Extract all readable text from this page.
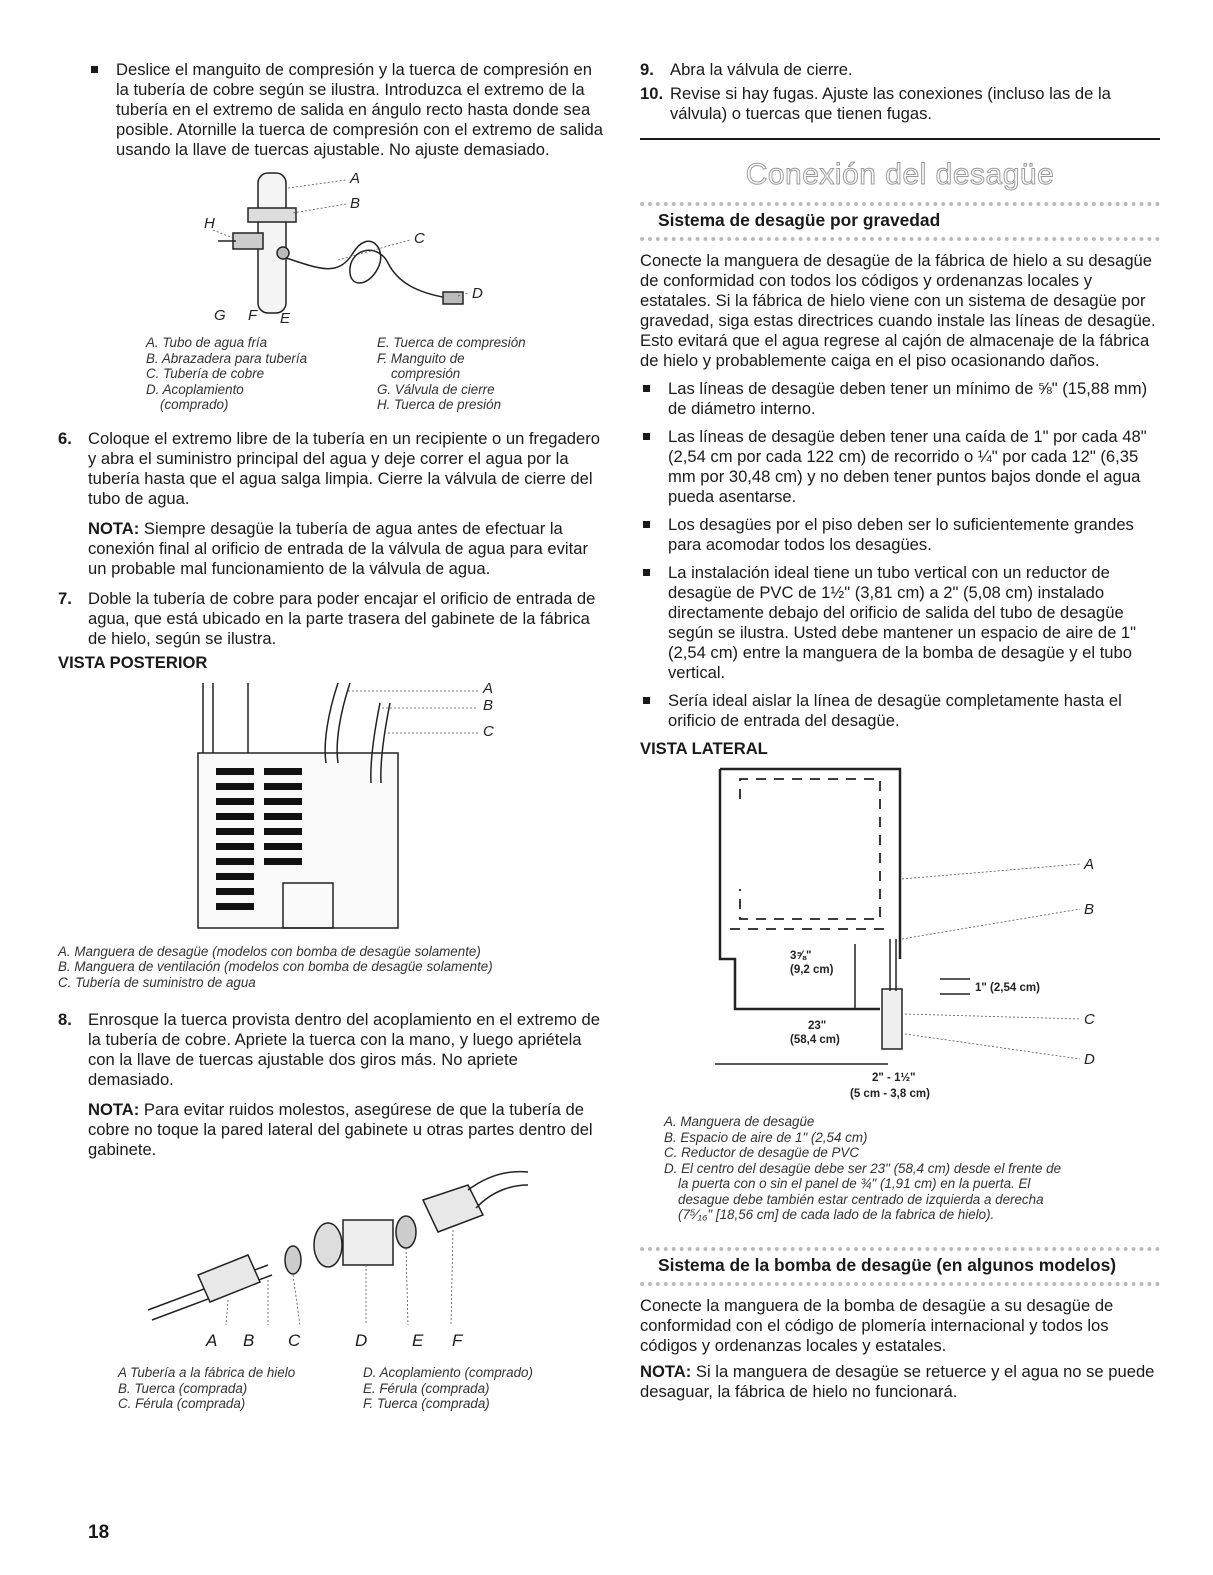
Deslice el manguito de compresión y la tuerca de compresión en la tubería de cobre según se ilustra. Introduzca el extremo de la tubería en el extremo de salida en ángulo recto hasta donde sea posible. Atornille la tuerca de compresión con el extremo de salida usando la llave de tuercas ajustable. No ajuste demasiado.

A
B
C
D
E
F
G
H
A. Tubo de agua fría
B. Abrazadera para tubería
C. Tubería de cobre
D. Acoplamiento
(comprado)
E. Tuerca de compresión
F. Manguito de
compresión
G. Válvula de cierre
H. Tuerca de presión

6. Coloque el extremo libre de la tubería en un recipiente o un fregadero y abra el suministro principal del agua y deje correr el agua por la tubería hasta que el agua salga limpia. Cierre la válvula de cierre del tubo de agua.

NOTA: Siempre desagüe la tubería de agua antes de efectuar la conexión final al orificio de entrada de la válvula de agua para evitar un probable mal funcionamiento de la válvula de agua.

7. Doble la tubería de cobre para poder encajar el orificio de entrada de agua, que está ubicado en la parte trasera del gabinete de la fábrica de hielo, según se ilustra.

VISTA POSTERIOR

A
B
C
A. Manguera de desagüe (modelos con bomba de desagüe solamente)
B. Manguera de ventilación (modelos con bomba de desagüe solamente)
C. Tubería de suministro de agua

8. Enrosque la tuerca provista dentro del acoplamiento en el extremo de la tubería de cobre. Apriete la tuerca con la mano, y luego apriétela con la llave de tuercas ajustable dos giros más. No apriete demasiado.

NOTA: Para evitar ruidos molestos, asegúrese de que la tubería de cobre no toque la pared lateral del gabinete u otras partes dentro del gabinete.

A	B	C	D	E	F
A Tubería a la fábrica de hielo
B. Tuerca (comprada)
C. Férula (comprada)
D. Acoplamiento (comprado)
E. Férula (comprada)
F. Tuerca (comprada)

9. Abra la válvula de cierre.

10. Revise si hay fugas. Ajuste las conexiones (incluso las de la válvula) o tuercas que tienen fugas.

Conexión del desagüe
Sistema de desagüe por gravedad

Conecte la manguera de desagüe de la fábrica de hielo a su desagüe de conformidad con todos los códigos y ordenanzas locales y estatales. Si la fábrica de hielo viene con un sistema de desagüe por gravedad, siga estas directrices cuando instale las líneas de desagüe. Esto evitará que el agua regrese al cajón de almacenaje de la fábrica de hielo y probablemente caiga en el piso ocasionando daños.

Las líneas de desagüe deben tener un mínimo de ⅝" (15,88 mm) de diámetro interno.

Las líneas de desagüe deben tener una caída de 1" por cada 48" (2,54 cm por cada 122 cm) de recorrido o ¼" por cada 12" (6,35 mm por 30,48 cm) y no deben tener puntos bajos donde el agua pueda asentarse.

Los desagües por el piso deben ser lo suficientemente grandes para acomodar todos los desagües.

La instalación ideal tiene un tubo vertical con un reductor de desagüe de PVC de 1½" (3,81 cm) a 2" (5,08 cm) instalado directamente debajo del orificio de salida del tubo de desagüe según se ilustra. Usted debe mantener un espacio de aire de 1" (2,54 cm) entre la manguera de la bomba de desagüe y el tubo vertical.

Sería ideal aislar la línea de desagüe completamente hasta el orificio de entrada del desagüe.

VISTA LATERAL

A
B
C
D
3⅝"
(9,2 cm)
1" (2,54 cm)
23"
(58,4 cm)
2" - 1½"
(5 cm - 3,8 cm)
A. Manguera de desagüe
B. Espacio de aire de 1" (2,54 cm)
C. Reductor de desagüe de PVC
D. El centro del desagüe debe ser 23" (58,4 cm) desde el frente de
la puerta con o sin el panel de ¾" (1,91 cm) en la puerta. El
desague debe también estar centrado de izquierda a derecha
(7⁵⁄₁₆" [18,56 cm] de cada lado de la fabrica de hielo).
Sistema de la bomba de desagüe (en algunos modelos)

Conecte la manguera de la bomba de desagüe a su desagüe de conformidad con el código de plomería internacional y todos los códigos y ordenanzas locales y estatales.

NOTA: Si la manguera de desagüe se retuerce y el agua no se puede desaguar, la fábrica de hielo no funcionará.

18
